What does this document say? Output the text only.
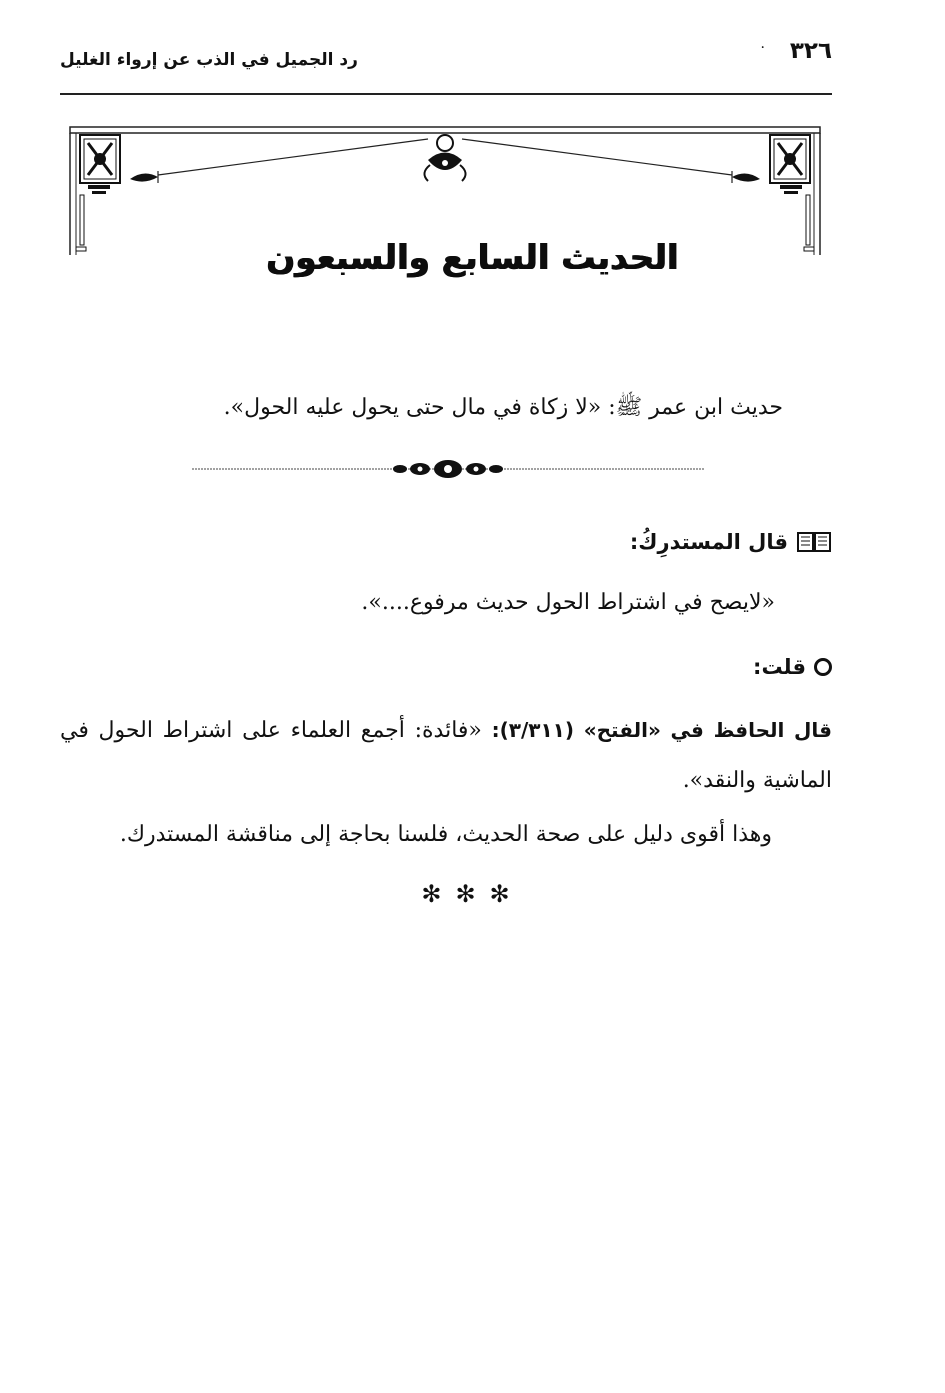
٣٢٦
·
رد الجميل في الذب عن إرواء الغليل
الحديث السابع والسبعون
حديث ابن عمر ﷺ: «لا زكاة في مال حتى يحول عليه الحول».
قال المستدرِكُ:
«لايصح في اشتراط الحول حديث مرفوع....».
قلت:

قال الحافظ في «الفتح» (٣/٣١١): «فائدة: أجمع العلماء على اشتراط الحول في الماشية والنقد».

وهذا أقوى دليل على صحة الحديث، فلسنا بحاجة إلى مناقشة المستدرك.

✻✻✻
